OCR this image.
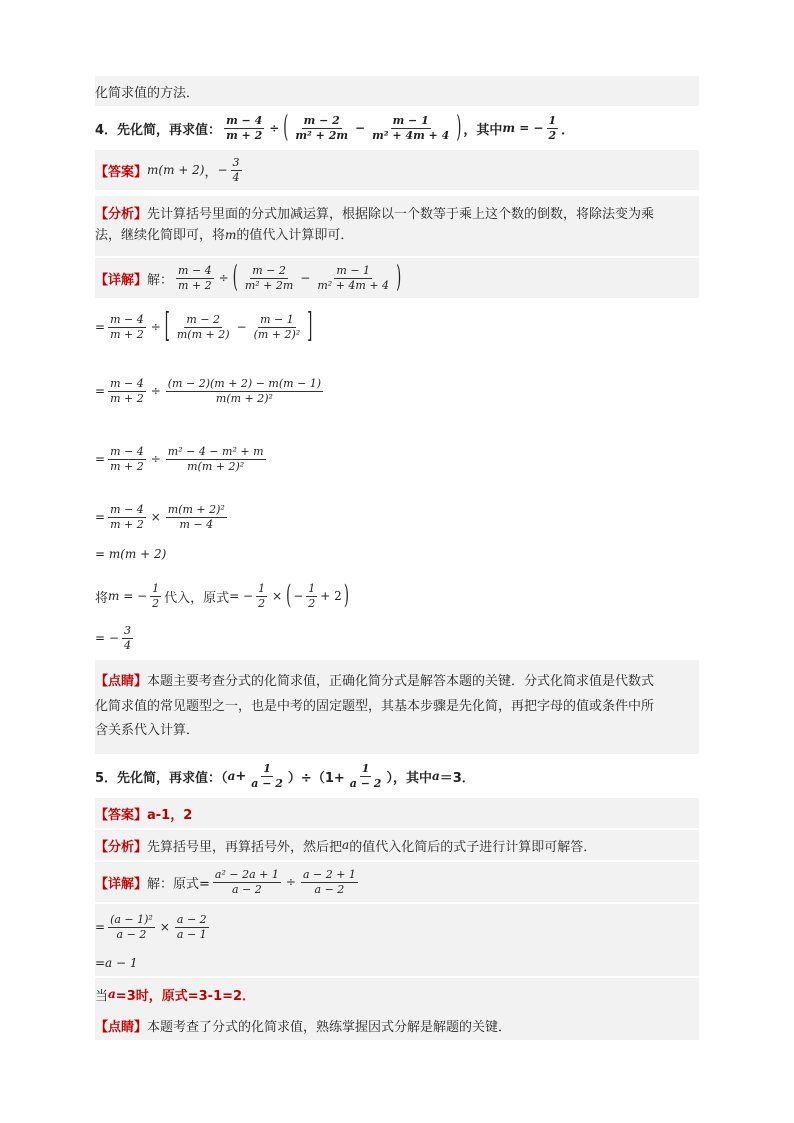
化简求值的方法．
4． 先化简，再求值： $\frac{m - 4}{m + 2}$ ÷ ( $\frac{m - 2}{\text{m² + 2m}} - \frac{m - 1}{\text{m² + 4m + 4}}$ ) ，其中 m = − $\frac{1}{2}$ ．
【答案】 m(m + 2) ， − $\frac{3}{4}$
【分析】先计算括号里面的分式加减运算，根据除以一个数等于乘上这个数的倒数，将除法变为乘
法，继续化简即可，将m的值代入计算即可．
【详解】 解： $\frac{m - 4}{m + 2}$ ÷ ( $\frac{m - 2}{\text{m² + 2m}} - \frac{m - 1}{\text{m² + 4m + 4}}$ )
= $\frac{m - 4}{m + 2}$ ÷ [ $\frac{m - 2}{m(m + 2)} - \frac{m - 1}{\text{(m + 2)²}}$ ]
= $\frac{m - 4}{m + 2} \div \frac{(m - 2)(m + 2) - m(m - 1)}{\text{m(m + 2)²}}$
= $\frac{m - 4}{m + 2} \div \frac{\text{m² − 4 − m² + m}}{\text{m(m + 2)²}}$
= $\frac{m - 4}{m + 2} \times \frac{\text{m(m + 2)²}}{m - 4}$
= m(m + 2)
将 m = − $\frac{1}{2}$ 代入，原式 = − $\frac{1}{2}$ × ( − $\frac{1}{2} + 2$ )
= − $\frac{3}{4}$
【点睛】本题主要考查分式的化简求值，正确化简分式是解答本题的关键．分式化简求值是代数式
化简求值的常见题型之一，也是中考的固定题型，其基本步骤是先化简，再把字母的值或条件中所
含关系代入计算．
5． 先化简，再求值：（ $a + \frac{1}{a - 2} )\div(1+ \frac{1}{a - 2}$ ），其中 a ＝3．
【答案】 a-1，2
【分析】 先算括号里，再算括号外，然后把 a 的值代入化简后的式子进行计算即可解答．
【详解】 解：原式= $\frac{\text{a² − 2a + 1}}{a - 2} \div \frac{a - 2 + 1}{a - 2}$
= $\frac{\text{(a − 1)²}}{a - 2} \times \frac{a - 2}{a - 1}$
=a − 1
当 a =3时，原式=3-1=2．
【点睛】 本题考查了分式的化简求值，熟练掌握因式分解是解题的关键．
